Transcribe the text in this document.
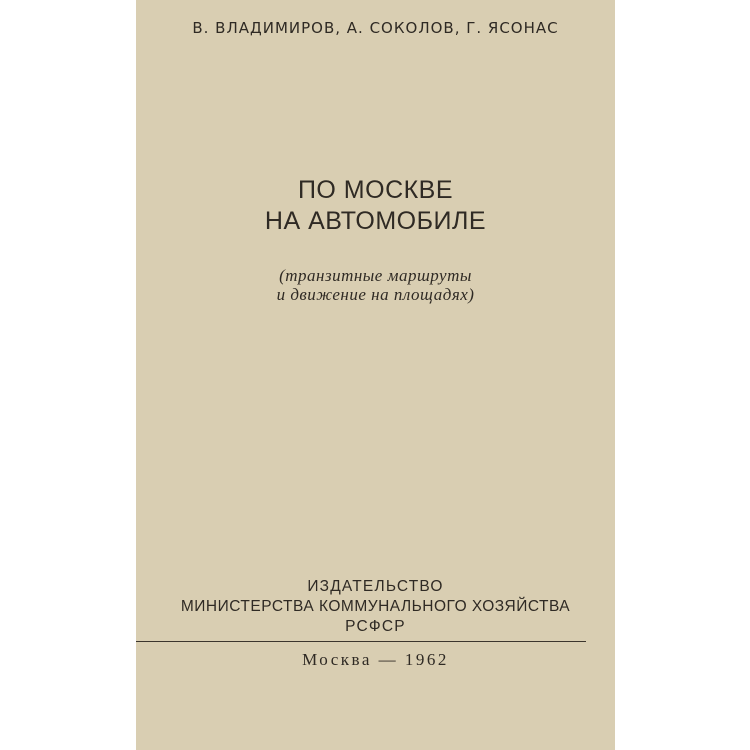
В. ВЛАДИМИРОВ, А. СОКОЛОВ, Г. ЯСОНАС
ПО МОСКВЕ
НА АВТОМОБИЛЕ
(транзитные маршруты
и движение на площадях)
ИЗДАТЕЛЬСТВО
МИНИСТЕРСТВА КОММУНАЛЬНОГО ХОЗЯЙСТВА
РСФСР
Москва — 1962
